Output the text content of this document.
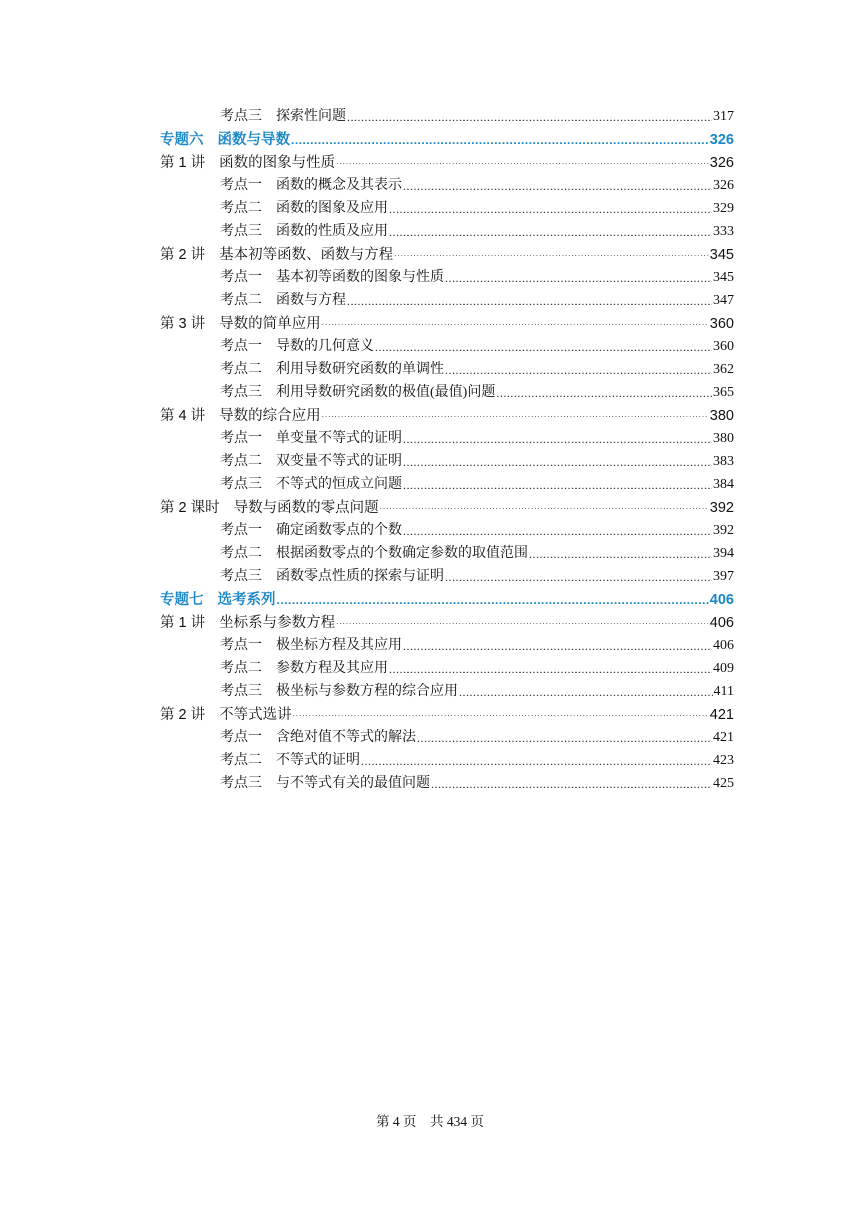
考点三 探索性问题 .....	317
专题六 函数与导数 .....	326
第 1 讲 函数的图象与性质 .....	326
考点一 函数的概念及其表示 .....	326
考点二 函数的图象及应用 .....	329
考点三 函数的性质及应用 .....	333
第 2 讲 基本初等函数、函数与方程 .....	345
考点一 基本初等函数的图象与性质 .....	345
考点二 函数与方程 .....	347
第 3 讲 导数的简单应用 .....	360
考点一 导数的几何意义 .....	360
考点二 利用导数研究函数的单调性 .....	362
考点三 利用导数研究函数的极值(最值)问题 .....	365
第 4 讲 导数的综合应用 .....	380
考点一 单变量不等式的证明 .....	380
考点二 双变量不等式的证明 .....	383
考点三 不等式的恒成立问题 .....	384
第 2 课时 导数与函数的零点问题 .....	392
考点一 确定函数零点的个数 .....	392
考点二 根据函数零点的个数确定参数的取值范围 .....	394
考点三 函数零点性质的探索与证明 .....	397
专题七 选考系列 .....	406
第 1 讲 坐标系与参数方程 .....	406
考点一 极坐标方程及其应用 .....	406
考点二 参数方程及其应用 .....	409
考点三 极坐标与参数方程的综合应用 .....	411
第 2 讲 不等式选讲 .....	421
考点一 含绝对值不等式的解法 .....	421
考点二 不等式的证明 .....	423
考点三 与不等式有关的最值问题 .....	425
第 4 页 共 434 页
